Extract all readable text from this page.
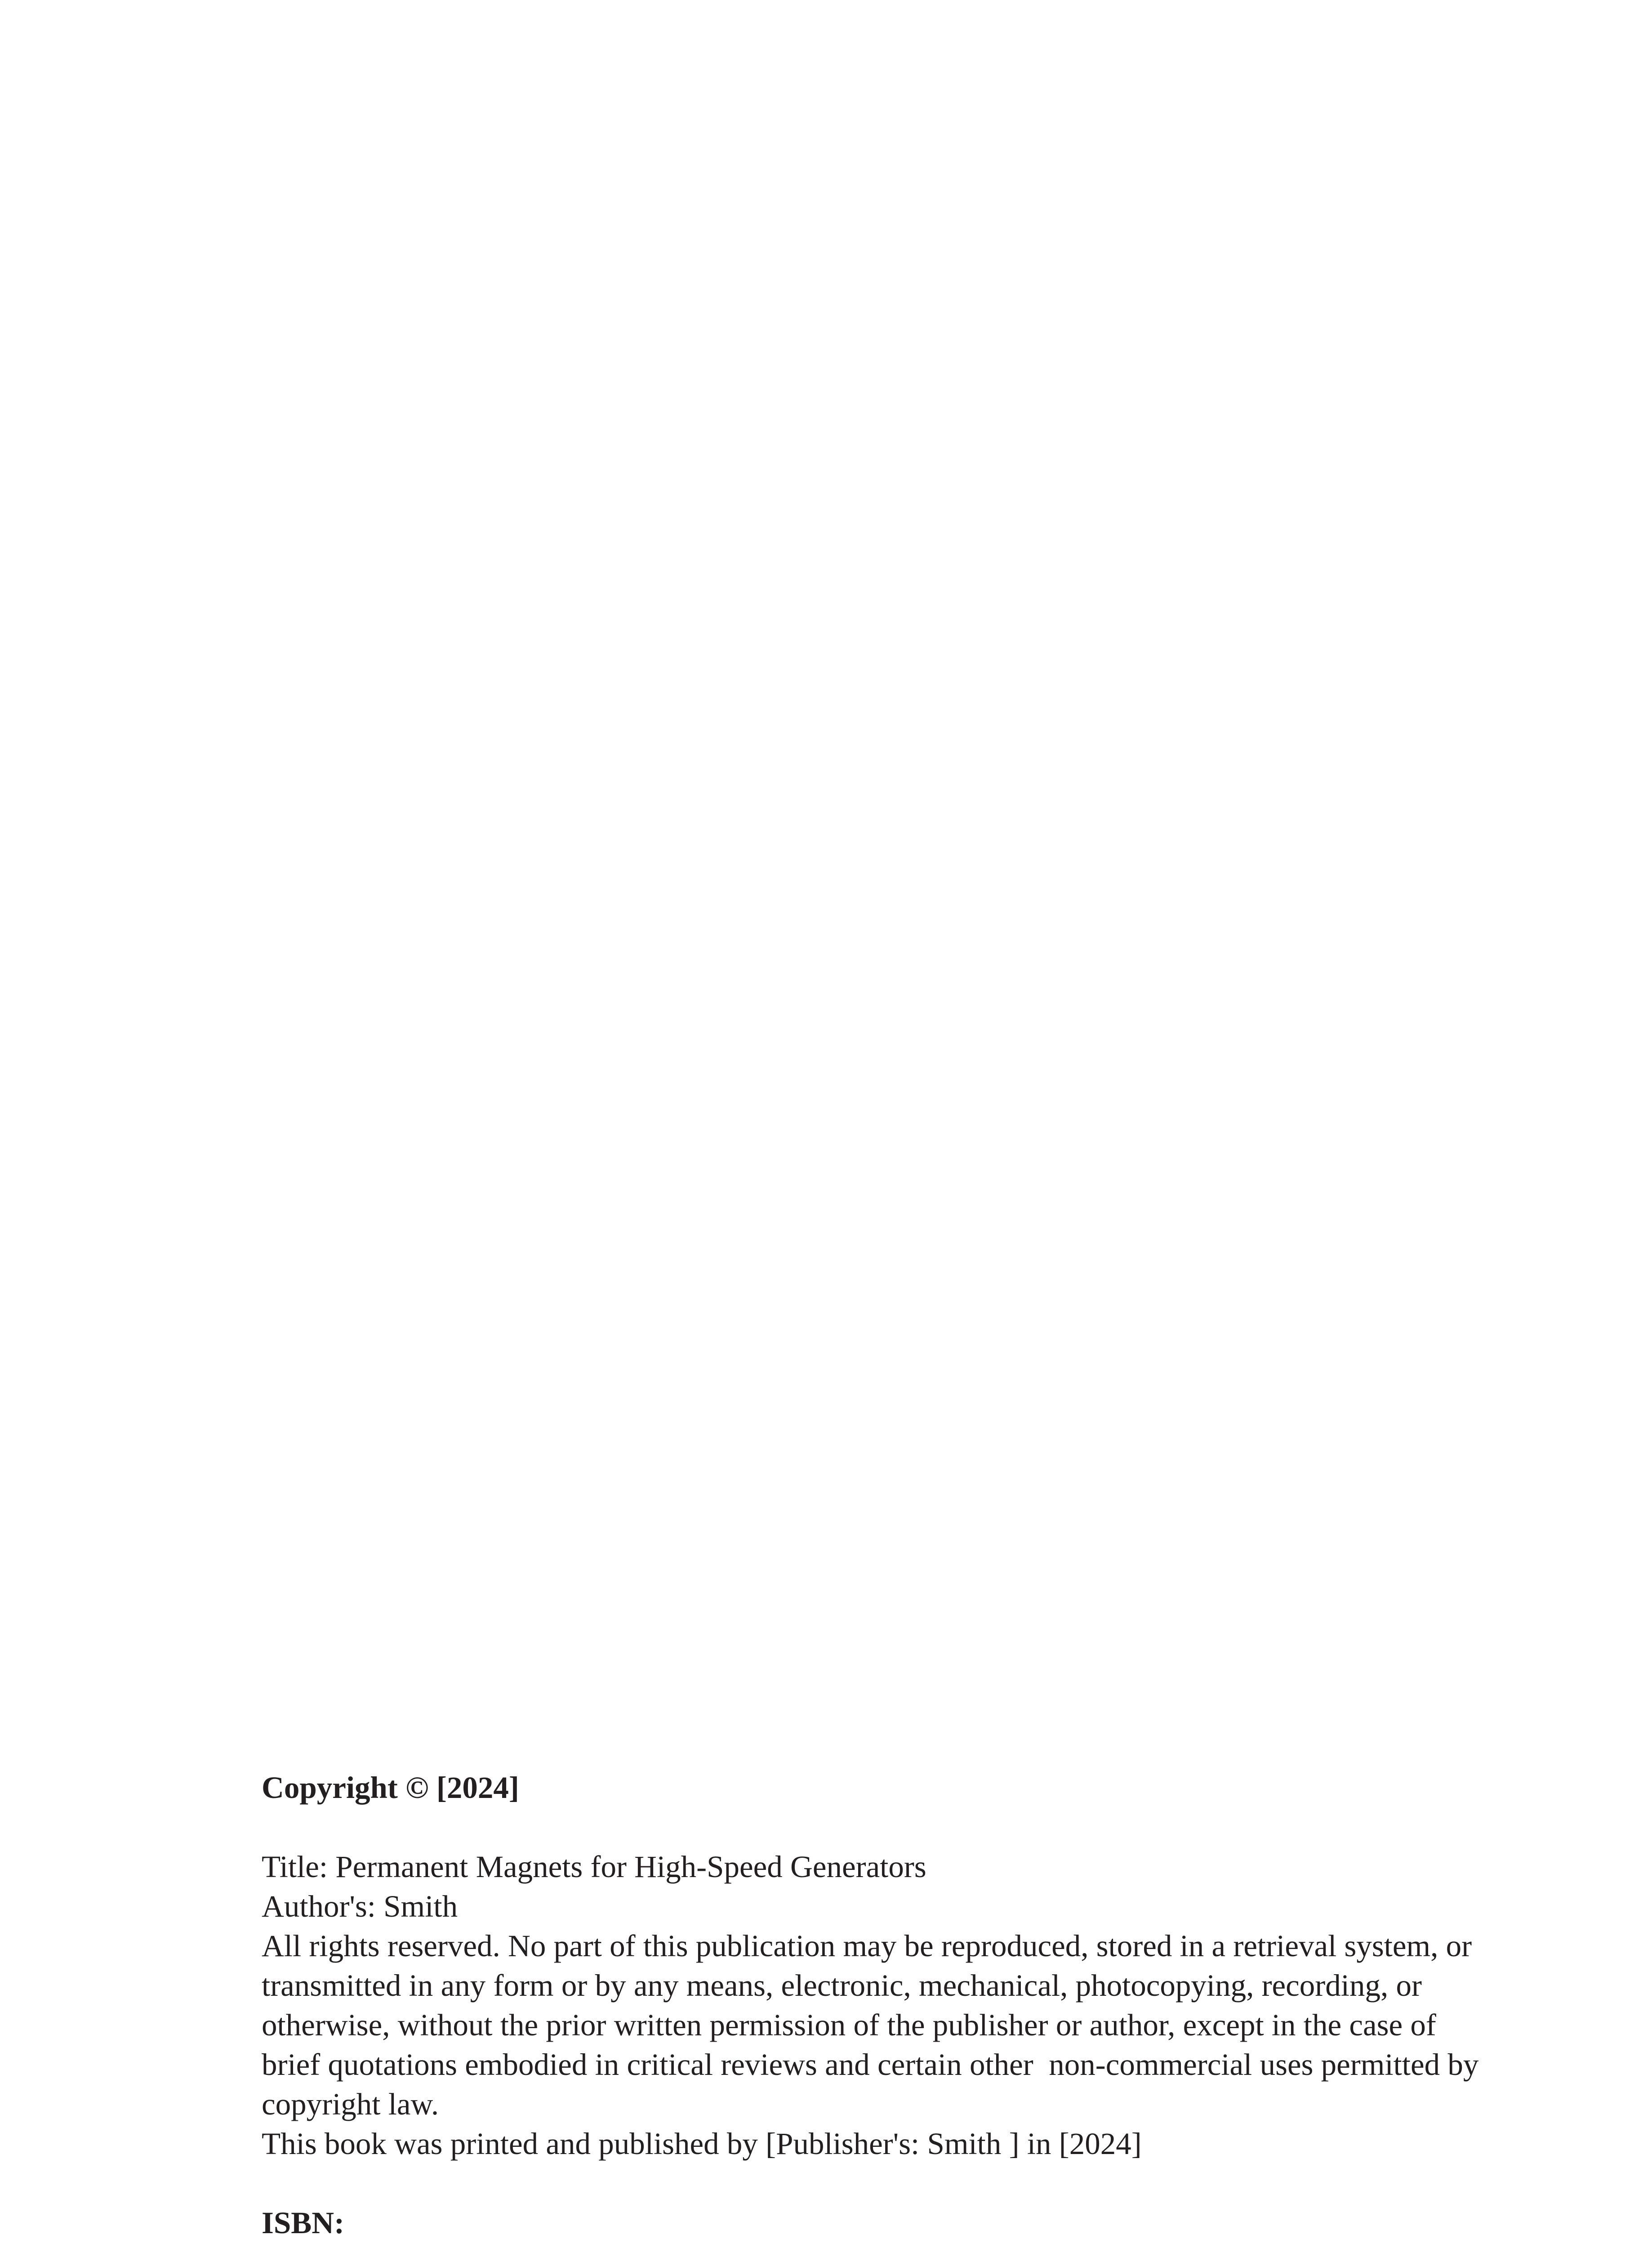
Copyright © [2024]

Title: Permanent Magnets for High-Speed Generators

Author's: Smith

All rights reserved. No part of this publication may be reproduced, stored in a retrieval system, or
transmitted in any form or by any means, electronic, mechanical, photocopying, recording, or
otherwise, without the prior written permission of the publisher or author, except in the case of
brief quotations embodied in critical reviews and certain other  non-commercial uses permitted by
copyright law.

This book was printed and published by [Publisher's: Smith ] in [2024]

ISBN:
